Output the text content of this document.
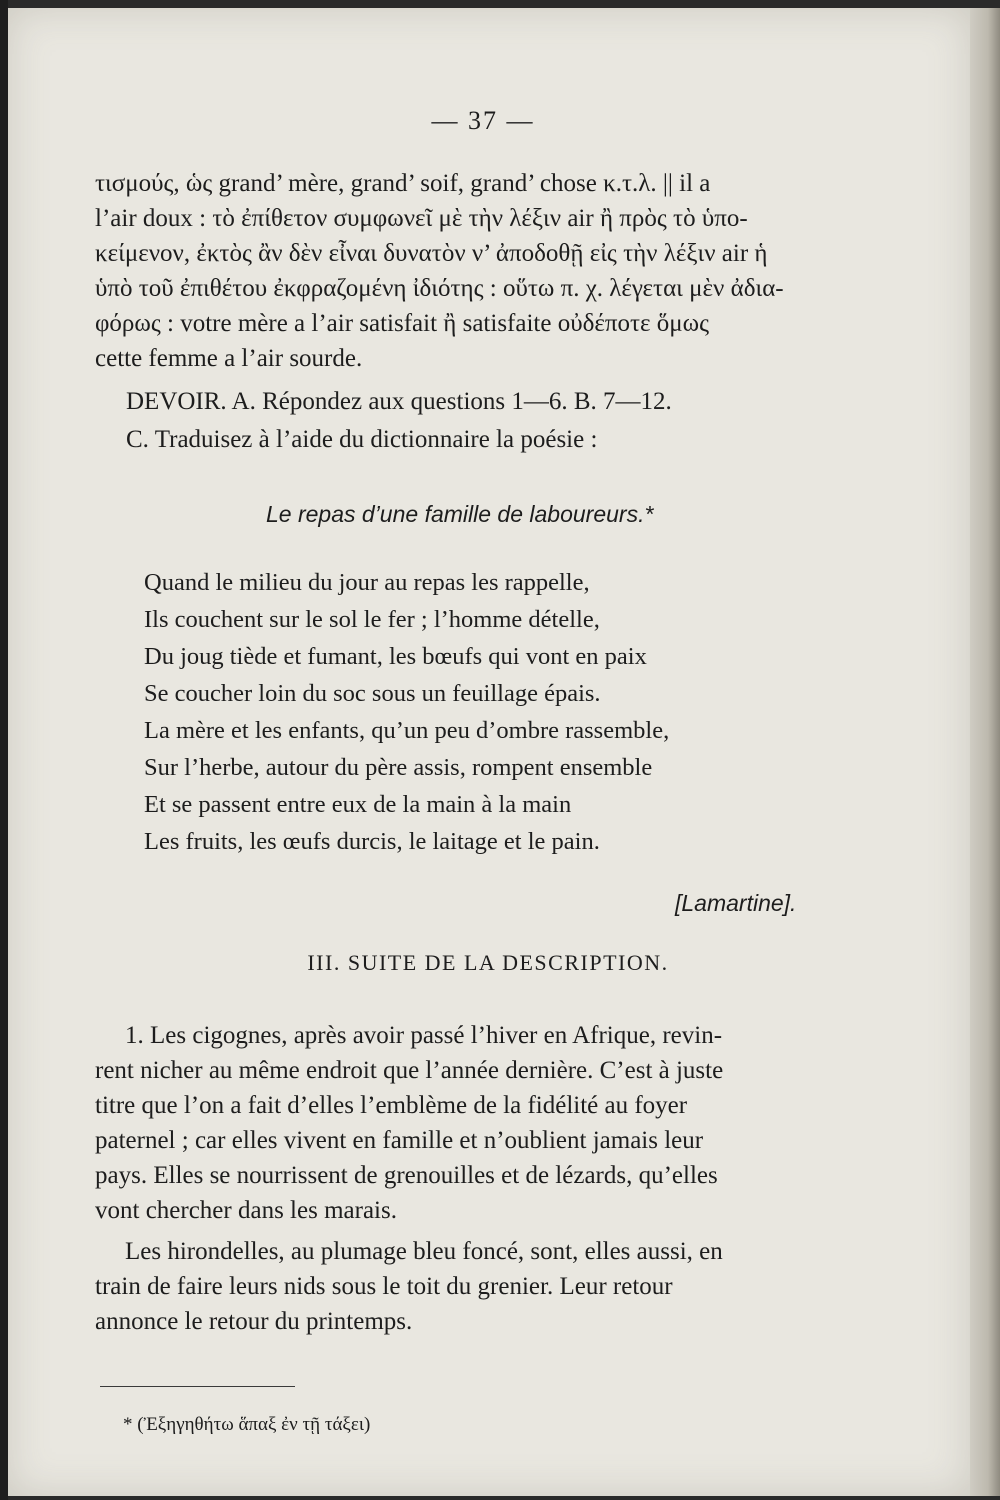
— 37 —
τισμούς, ὡς grand’ mère, grand’ soif, grand’ chose κ.τ.λ. || il a
l’air doux : τὸ ἐπίθετον συμφωνεῖ μὲ τὴν λέξιν air ἢ πρὸς τὸ ὑπο-
κείμενον, ἐκτὸς ἂν δὲν εἶναι δυνατὸν ν’ ἀποδοθῇ εἰς τὴν λέξιν air ἡ
ὑπὸ τοῦ ἐπιθέτου ἐκφραζομένη ἰδιότης : οὕτω π. χ. λέγεται μὲν ἀδια-
φόρως : votre mère a l’air satisfait ἢ satisfaite οὐδέποτε ὅμως
cette femme a l’air sourde.
DEVOIR. A. Répondez aux questions 1—6. B. 7—12.
C. Traduisez à l’aide du dictionnaire la poésie :
Le repas d’une famille de laboureurs.*
Quand le milieu du jour au repas les rappelle,
Ils couchent sur le sol le fer ; l’homme dételle,
Du joug tiède et fumant, les bœufs qui vont en paix
Se coucher loin du soc sous un feuillage épais.
La mère et les enfants, qu’un peu d’ombre rassemble,
Sur l’herbe, autour du père assis, rompent ensemble
Et se passent entre eux de la main à la main
Les fruits, les œufs durcis, le laitage et le pain.
[Lamartine].
III. SUITE DE LA DESCRIPTION.
1. Les cigognes, après avoir passé l’hiver en Afrique, revin-
rent nicher au même endroit que l’année dernière. C’est à juste
titre que l’on a fait d’elles l’emblème de la fidélité au foyer
paternel ; car elles vivent en famille et n’oublient jamais leur
pays. Elles se nourrissent de grenouilles et de lézards, qu’elles
vont chercher dans les marais.
Les hirondelles, au plumage bleu foncé, sont, elles aussi, en
train de faire leurs nids sous le toit du grenier. Leur retour
annonce le retour du printemps.
* (Ἐξηγηθήτω ἅπαξ ἐν τῇ τάξει)
